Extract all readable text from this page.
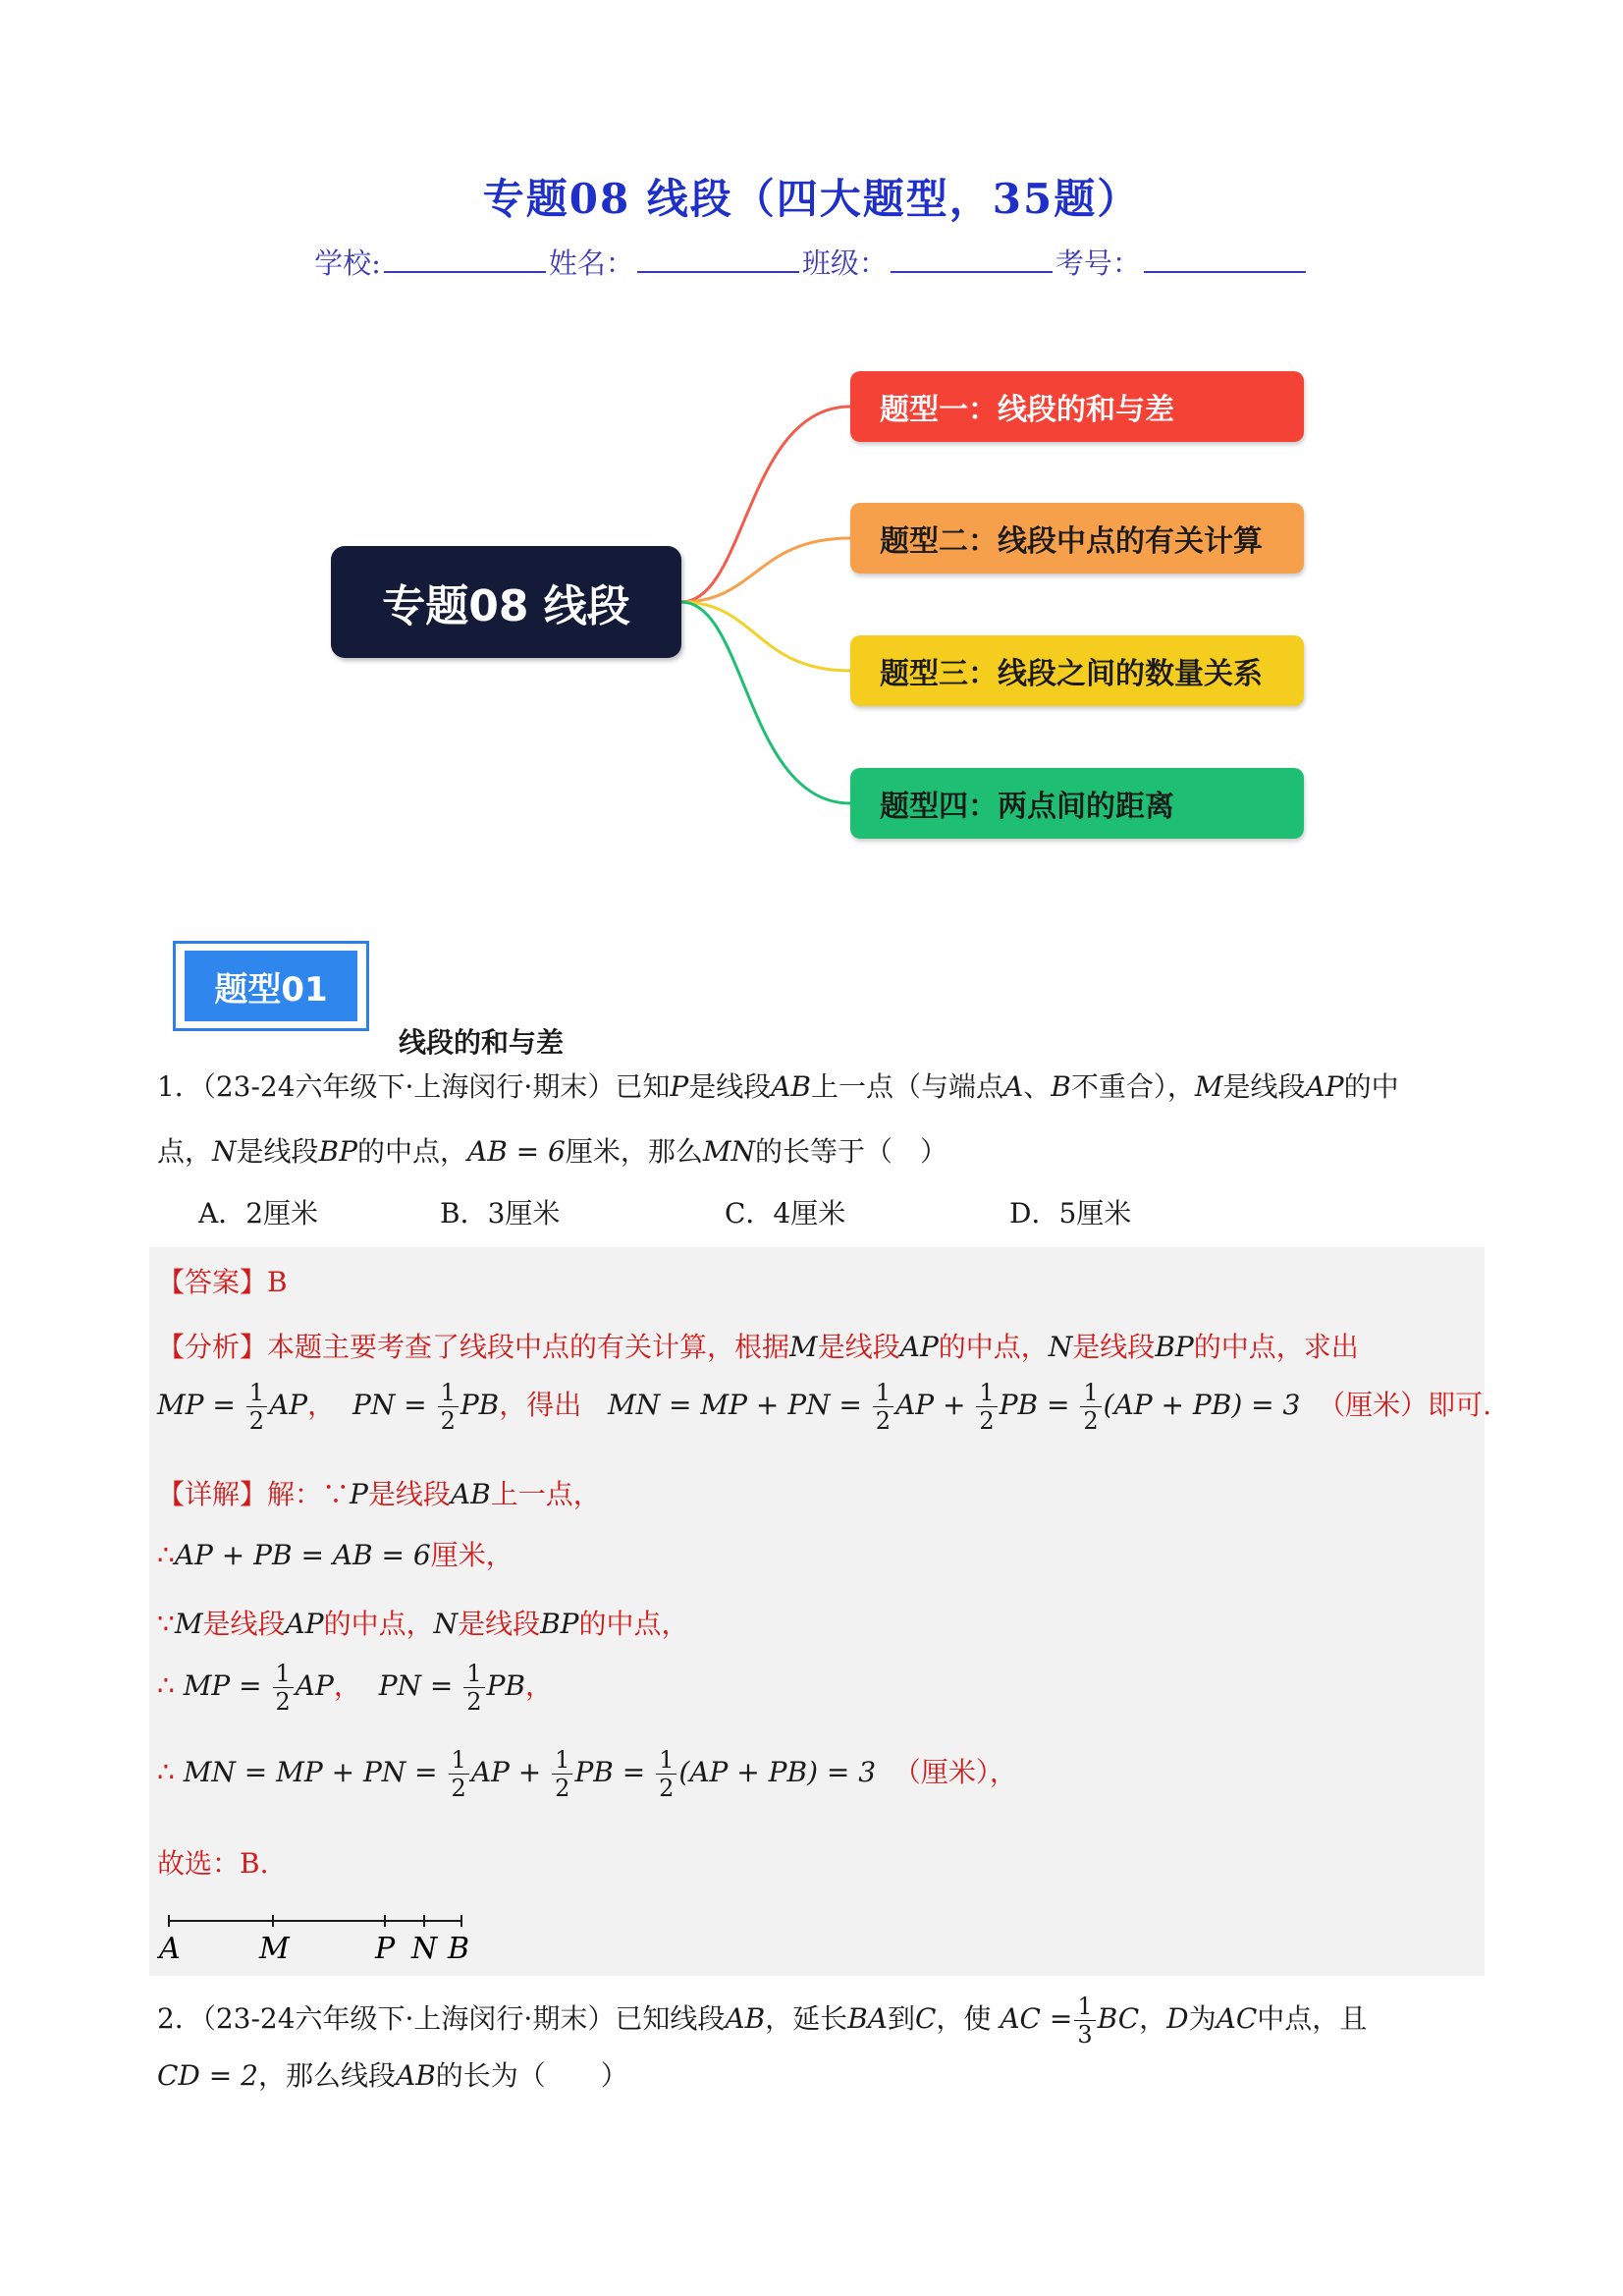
专题08 线段（四大题型，35题）
学校:	姓名：	班级：	考号：
专题08 线段
题型一：线段的和与差
题型二：线段中点的有关计算
题型三：线段之间的数量关系
题型四：两点间的距离
题型01
线段的和与差
1．（23-24六年级下·上海闵行·期末）已知P是线段AB上一点（与端点A、B不重合），M是线段AP的中
点，N是线段BP的中点，AB = 6厘米，那么MN的长等于（　）
A．2厘米	B．3厘米	C．4厘米	D．5厘米
【答案】B
【分析】本题主要考查了线段中点的有关计算，根据M是线段AP的中点，N是线段BP的中点，求出
MP = $\frac{1}{2}$ AP， PN = $\frac{1}{2}$ PB，得出 MN = MP + PN = $\frac{1}{2}$ AP + $\frac{1}{2}$ PB = $\frac{1}{2} (AP + PB) = 3$ （厘米）即可.
【详解】解：∵P是线段AB上一点，
∴AP + PB = AB = 6厘米，
∵M是线段AP的中点，N是线段BP的中点，
∴ MP = $\frac{1}{2}$ AP， PN = $\frac{1}{2}$ PB，
∴ MN = MP + PN = $\frac{1}{2}$ AP + $\frac{1}{2}$ PB = $\frac{1}{2} (AP + PB) = 3$ （厘米），
故选：B.
A	M	P N B
2．（23-24六年级下·上海闵行·期末）已知线段AB，延长BA到C，使 AC = $\frac{1}{3}$ BC，D为AC中点，且
CD = 2，那么线段AB的长为（　　）
